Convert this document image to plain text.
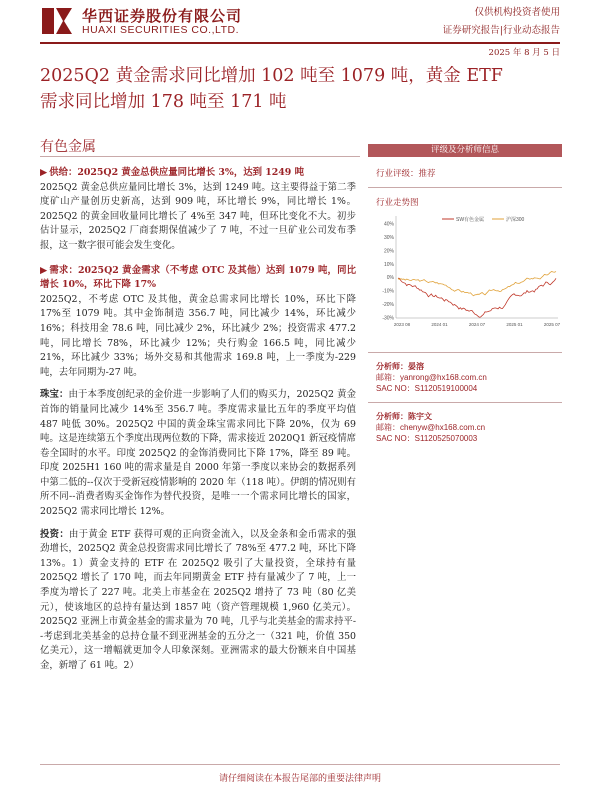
华西证券股份有限公司
HUAXI SECURITIES CO.,LTD.
仅供机构投资者使用
证券研究报告|行业动态报告
2025 年 8 月 5 日
2025Q2 黄金需求同比增加 102 吨至 1079 吨，黄金 ETF
需求同比增加 178 吨至 171 吨
有色金属

▶ 供给：2025Q2 黄金总供应量同比增长 3%，达到 1249 吨

2025Q2 黄金总供应量同比增长 3%，达到 1249 吨。这主要得益于第二季度矿山产量创历史新高，达到 909 吨，环比增长 9%，同比增长 1%。2025Q2 的黄金回收量同比增长了 4%至 347 吨，但环比变化不大。初步估计显示，2025Q2 厂商套期保值减少了 7 吨，不过一旦矿业公司发布季报，这一数字很可能会发生变化。

▶ 需求：2025Q2 黄金需求（不考虑 OTC 及其他）达到 1079 吨，同比增长 10%，环比下降 17%

2025Q2，不考虑 OTC 及其他，黄金总需求同比增长 10%，环比下降 17%至 1079 吨。其中金饰制造 356.7 吨，同比减少 14%，环比减少 16%；科技用金 78.6 吨，同比减少 2%，环比减少 2%；投资需求 477.2 吨，同比增长 78%，环比减少 12%；央行购金 166.5 吨，同比减少 21%，环比减少 33%；场外交易和其他需求 169.8 吨，上一季度为-229 吨，去年同期为-27 吨。

珠宝：由于本季度创纪录的金价进一步影响了人们的购买力，2025Q2 黄金首饰的销量同比减少 14%至 356.7 吨。季度需求量比五年的季度平均值 487 吨低 30%。2025Q2 中国的黄金珠宝需求同比下降 20%，仅为 69 吨。这是连续第五个季度出现两位数的下降，需求接近 2020Q1 新冠疫情席卷全国时的水平。印度 2025Q2 的金饰消费同比下降 17%，降至 89 吨。印度 2025H1 160 吨的需求量是自 2000 年第一季度以来协会的数据系列中第二低的--仅次于受新冠疫情影响的 2020 年（118 吨）。伊朗的情况则有所不同--消费者购买金饰作为替代投资，是唯一一个需求同比增长的国家，2025Q2 需求同比增长 12%。

投资：由于黄金 ETF 获得可观的正向资金流入，以及金条和金币需求的强劲增长，2025Q2 黄金总投资需求同比增长了 78%至 477.2 吨，环比下降 13%。1）黄金支持的 ETF 在 2025Q2 吸引了大量投资，全球持有量 2025Q2 增长了 170 吨，而去年同期黄金 ETF 持有量减少了 7 吨，上一季度为增长了 227 吨。北美上市基金在 2025Q2 增持了 73 吨（80 亿美元），使该地区的总持有量达到 1857 吨（资产管理规模 1,960 亿美元）。2025Q2 亚洲上市黄金基金的需求量为 70 吨，几乎与北美基金的需求持平--考虑到北美基金的总持仓量不到亚洲基金的五分之一（321 吨，价值 350 亿美元），这一增幅就更加令人印象深刻。亚洲需求的最大份额来自中国基金，新增了 61 吨。2）

评级及分析师信息
行业评级：推荐
行业走势图
40%
30%
20%
10%
0%
-10%
-20%
-30%
2023 08	2024 01	2024 07	2025 01	2025 07
SW有色金属	沪深300
分析师：晏溶
邮箱：yanrong@hx168.com.cn
SAC NO：S1120519100004
分析师：陈宇文
邮箱：chenyw@hx168.com.cn
SAC NO：S1120525070003
请仔细阅读在本报告尾部的重要法律声明
